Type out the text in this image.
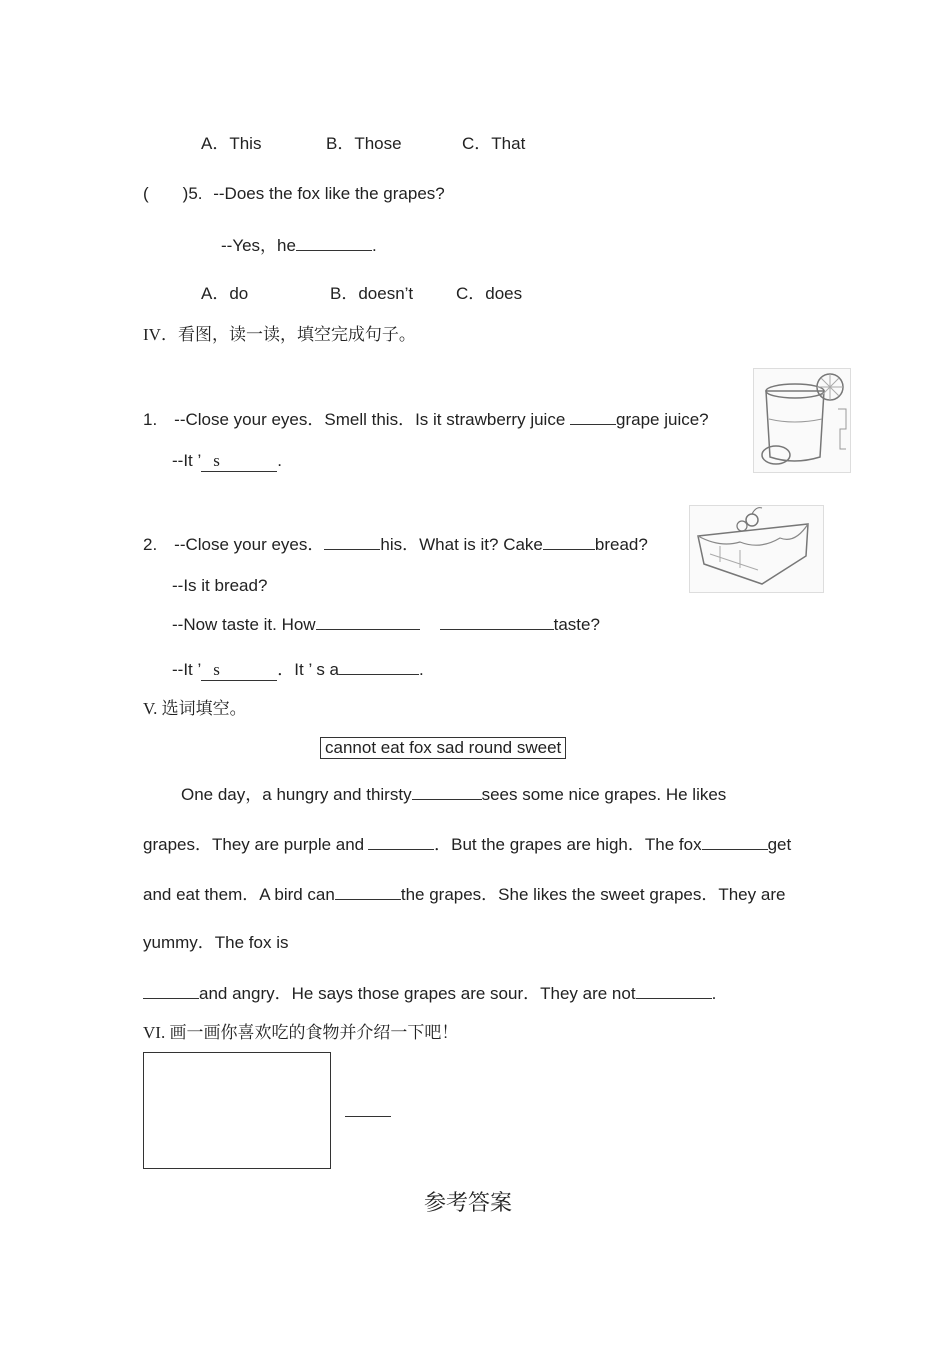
A．This	B．Those	C．That
(　　)5. --Does the fox like the grapes?
--Yes，he	.
A．do	B．doesn’t	C．does
IV．看图，读一读，填空完成句子。
1.　--Close your eyes．Smell this．Is it strawberry juice	grape juice?
--It ’ s	.
2.　--Close your eyes．	his．What is it? Cake	bread?
--Is it bread?
--Now taste it. How	taste?
--It ’ s	．It ’ s a	.
V. 选词填空。
cannot eat fox sad round sweet
One day，a hungry and thirsty	sees some nice grapes. He likes
grapes．They are purple and	．But the grapes are high．The fox	get
and eat them．A bird can	the grapes．She likes the sweet grapes．They are
yummy．The fox is
and angry．He says those grapes are sour．They are not	.
VI. 画一画你喜欢吃的食物并介绍一下吧！
参考答案
